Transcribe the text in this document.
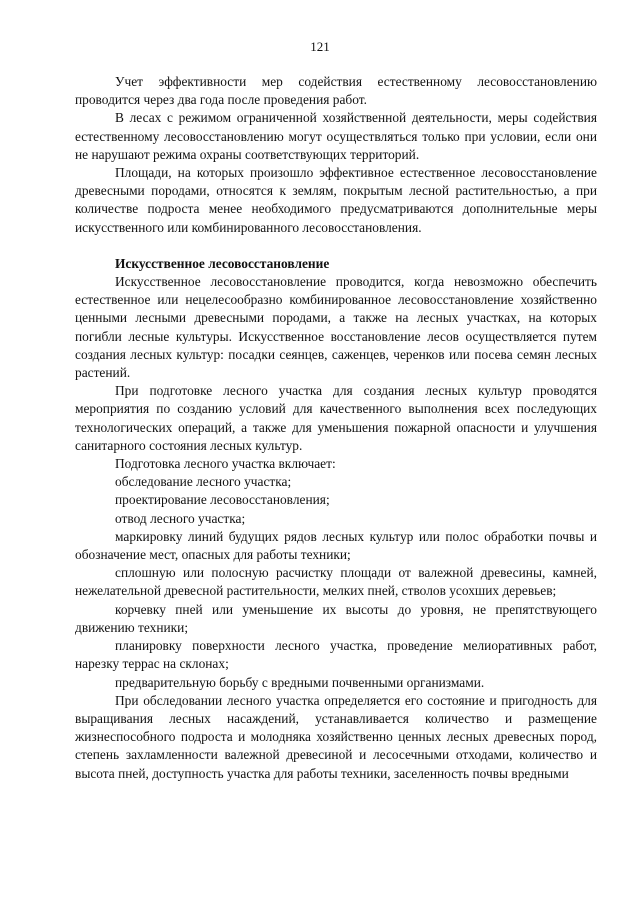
121

Учет эффективности мер содействия естественному лесовосстановлению проводится через два года после проведения работ.

В лесах с режимом ограниченной хозяйственной деятельности, меры содействия естественному лесовосстановлению могут осуществляться только при условии, если они не нарушают режима охраны соответствующих территорий.

Площади, на которых произошло эффективное естественное лесовосстановление древесными породами, относятся к землям, покрытым лесной растительностью, а при количестве подроста менее необходимого предусматриваются дополнительные меры искусственного или комбинированного лесовосстановления.

Искусственное лесовосстановление

Искусственное лесовосстановление проводится, когда невозможно обеспечить естественное или нецелесообразно комбинированное лесовосстановление хозяйственно ценными лесными древесными породами, а также на лесных участках, на которых погибли лесные культуры. Искусственное восстановление лесов осуществляется путем создания лесных культур: посадки сеянцев, саженцев, черенков или посева семян лесных растений.

При подготовке лесного участка для создания лесных культур проводятся мероприятия по созданию условий для качественного выполнения всех последующих технологических операций, а также для уменьшения пожарной опасности и улучшения санитарного состояния лесных культур.

Подготовка лесного участка включает:

обследование лесного участка;

проектирование лесовосстановления;

отвод лесного участка;

маркировку линий будущих рядов лесных культур или полос обработки почвы и обозначение мест, опасных для работы техники;

сплошную или полосную расчистку площади от валежной древесины, камней, нежелательной древесной растительности, мелких пней, стволов усохших деревьев;

корчевку пней или уменьшение их высоты до уровня, не препятствующего движению техники;

планировку поверхности лесного участка, проведение мелиоративных работ, нарезку террас на склонах;

предварительную борьбу с вредными почвенными организмами.

При обследовании лесного участка определяется его состояние и пригодность для выращивания лесных насаждений, устанавливается количество и размещение жизнеспособного подроста и молодняка хозяйственно ценных лесных древесных пород, степень захламленности валежной древесиной и лесосечными отходами, количество и высота пней, доступность участка для работы техники, заселенность почвы вредными
